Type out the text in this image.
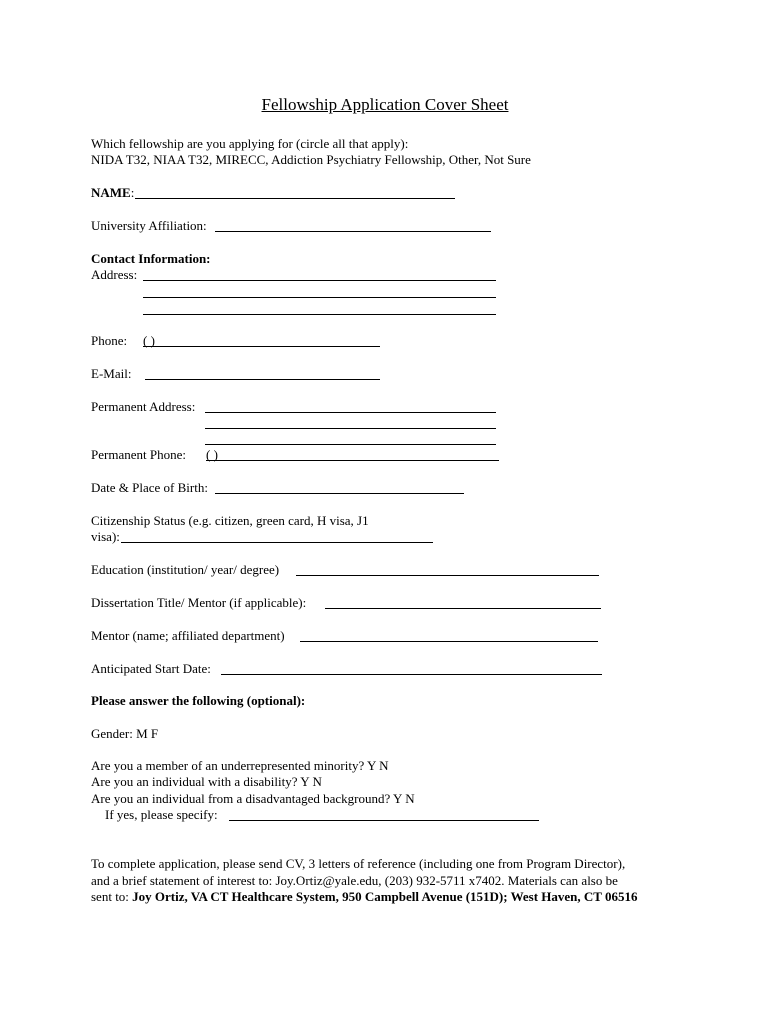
Fellowship Application Cover Sheet
Which fellowship are you applying for (circle all that apply):
NIDA T32, NIAA T32, MIRECC, Addiction Psychiatry Fellowship, Other, Not Sure
NAME:
University Affiliation:
Contact Information:
Address:
Phone: ( )
E-Mail:
Permanent Address:
Permanent Phone: ( )
Date & Place of Birth:
Citizenship Status (e.g. citizen, green card, H visa, J1
visa):
Education (institution/ year/ degree)
Dissertation Title/ Mentor (if applicable):
Mentor (name; affiliated department)
Anticipated Start Date:
Please answer the following (optional):
Gender: M F
Are you a member of an underrepresented minority? Y N
Are you an individual with a disability? Y N
Are you an individual from a disadvantaged background? Y N
If yes, please specify:
To complete application, please send CV, 3 letters of reference (including one from Program Director),
and a brief statement of interest to: Joy.Ortiz@yale.edu, (203) 932-5711 x7402. Materials can also be
sent to: Joy Ortiz, VA CT Healthcare System, 950 Campbell Avenue (151D); West Haven, CT 06516
